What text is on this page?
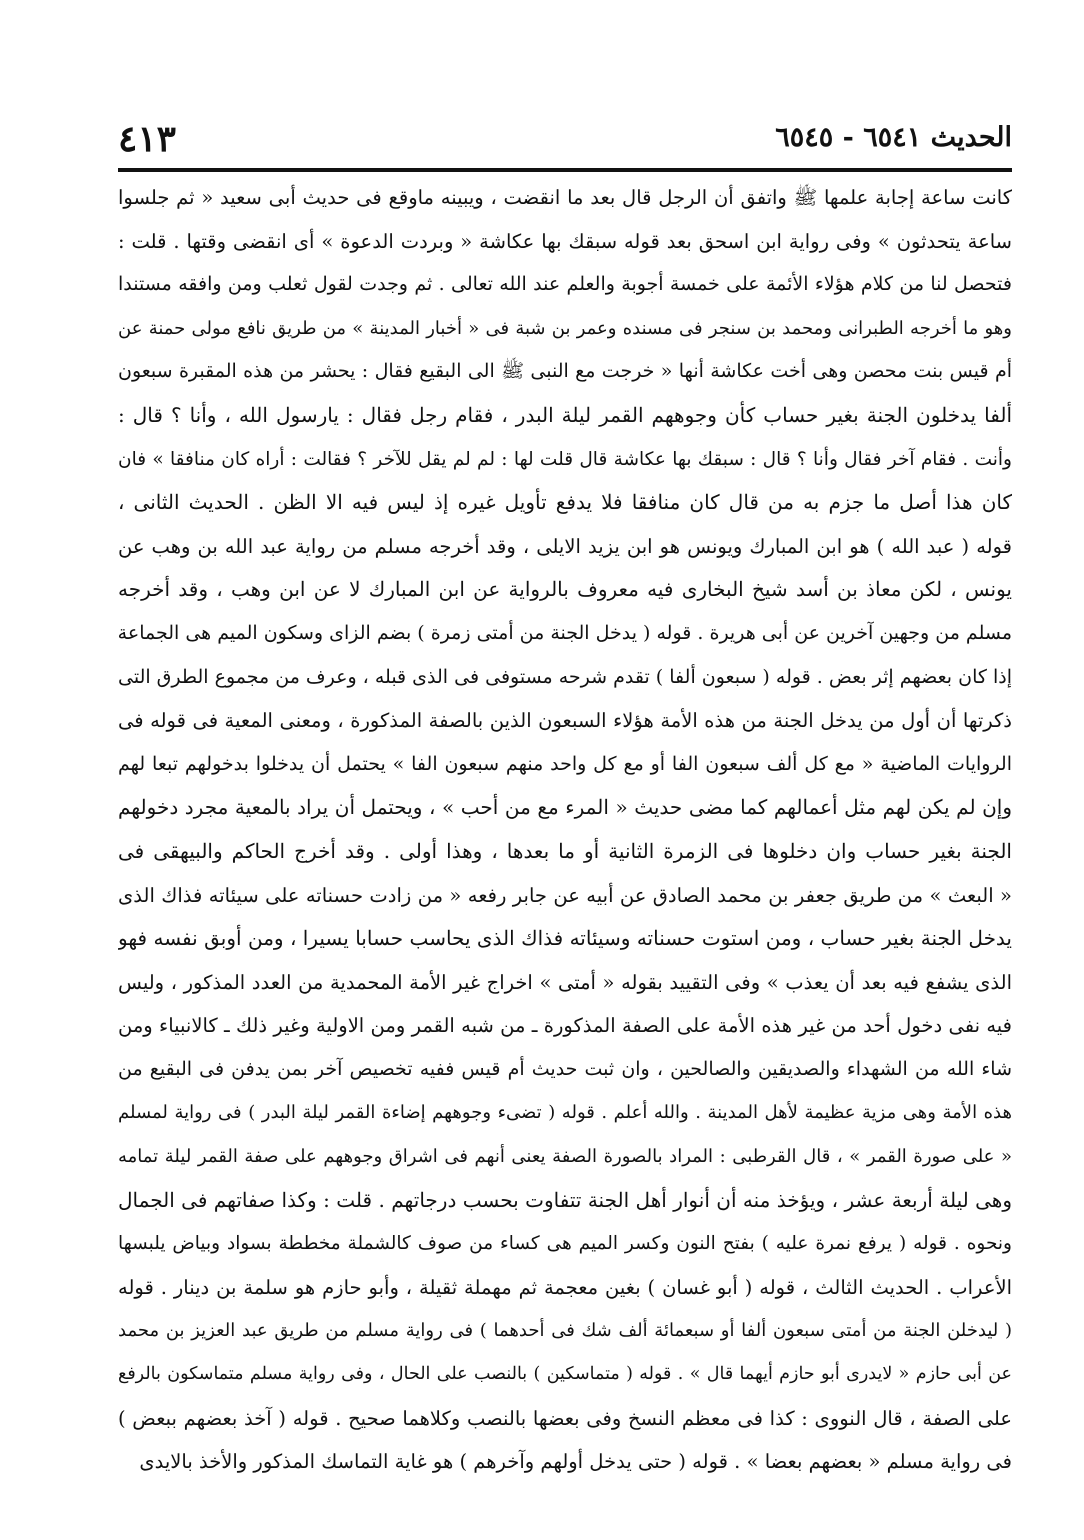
الحديث ٦٥٤١ - ٦٥٤٥
٤١٣
كانت ساعة إجابة علمها ﷺ واتفق أن الرجل قال بعد ما انقضت ، ويبينه ماوقع فى حديث أبى سعيد « ثم جلسوا
ساعة يتحدثون » وفى رواية ابن اسحق بعد قوله سبقك بها عكاشة « وبردت الدعوة » أى انقضى وقتها . قلت :
فتحصل لنا من كلام هؤلاء الأئمة على خمسة أجوبة والعلم عند الله تعالى . ثم وجدت لقول ثعلب ومن وافقه مستندا
وهو ما أخرجه الطبرانى ومحمد بن سنجر فى مسنده وعمر بن شبة فى « أخبار المدينة » من طريق نافع مولى حمنة عن
أم قيس بنت محصن وهى أخت عكاشة أنها « خرجت مع النبى ﷺ الى البقيع فقال : يحشر من هذه المقبرة سبعون
ألفا يدخلون الجنة بغير حساب كأن وجوههم القمر ليلة البدر ، فقام رجل فقال : يارسول الله ، وأنا ؟ قال :
وأنت . فقام آخر فقال وأنا ؟ قال : سبقك بها عكاشة قال قلت لها : لم لم يقل للآخر ؟ فقالت : أراه كان منافقا » فان
كان هذا أصل ما جزم به من قال كان منافقا فلا يدفع تأويل غيره إذ ليس فيه الا الظن . الحديث الثانى ،
قوله ( عبد الله ) هو ابن المبارك ويونس هو ابن يزيد الايلى ، وقد أخرجه مسلم من رواية عبد الله بن وهب عن
يونس ، لكن معاذ بن أسد شيخ البخارى فيه معروف بالرواية عن ابن المبارك لا عن ابن وهب ، وقد أخرجه
مسلم من وجهين آخرين عن أبى هريرة . قوله ( يدخل الجنة من أمتى زمرة ) بضم الزاى وسكون الميم هى الجماعة
إذا كان بعضهم إثر بعض . قوله ( سبعون ألفا ) تقدم شرحه مستوفى فى الذى قبله ، وعرف من مجموع الطرق التى
ذكرتها أن أول من يدخل الجنة من هذه الأمة هؤلاء السبعون الذين بالصفة المذكورة ، ومعنى المعية فى قوله فى
الروايات الماضية « مع كل ألف سبعون الفا أو مع كل واحد منهم سبعون الفا » يحتمل أن يدخلوا بدخولهم تبعا لهم
وإن لم يكن لهم مثل أعمالهم كما مضى حديث « المرء مع من أحب » ، ويحتمل أن يراد بالمعية مجرد دخولهم
الجنة بغير حساب وان دخلوها فى الزمرة الثانية أو ما بعدها ، وهذا أولى . وقد أخرج الحاكم والبيهقى فى
« البعث » من طريق جعفر بن محمد الصادق عن أبيه عن جابر رفعه « من زادت حسناته على سيئاته فذاك الذى
يدخل الجنة بغير حساب ، ومن استوت حسناته وسيئاته فذاك الذى يحاسب حسابا يسيرا ، ومن أوبق نفسه فهو
الذى يشفع فيه بعد أن يعذب » وفى التقييد بقوله « أمتى » اخراج غير الأمة المحمدية من العدد المذكور ، وليس
فيه نفى دخول أحد من غير هذه الأمة على الصفة المذكورة ـ من شبه القمر ومن الاولية وغير ذلك ـ كالانبياء ومن
شاء الله من الشهداء والصديقين والصالحين ، وان ثبت حديث أم قيس ففيه تخصيص آخر بمن يدفن فى البقيع من
هذه الأمة وهى مزية عظيمة لأهل المدينة . والله أعلم . قوله ( تضىء وجوههم إضاءة القمر ليلة البدر ) فى رواية لمسلم
« على صورة القمر » ، قال القرطبى : المراد بالصورة الصفة يعنى أنهم فى اشراق وجوههم على صفة القمر ليلة تمامه
وهى ليلة أربعة عشر ، ويؤخذ منه أن أنوار أهل الجنة تتفاوت بحسب درجاتهم . قلت : وكذا صفاتهم فى الجمال
ونحوه . قوله ( يرفع نمرة عليه ) بفتح النون وكسر الميم هى كساء من صوف كالشملة مخططة بسواد وبياض يلبسها
الأعراب . الحديث الثالث ، قوله ( أبو غسان ) بغين معجمة ثم مهملة ثقيلة ، وأبو حازم هو سلمة بن دينار . قوله
( ليدخلن الجنة من أمتى سبعون ألفا أو سبعمائة ألف شك فى أحدهما ) فى رواية مسلم من طريق عبد العزيز بن محمد
عن أبى حازم « لايدرى أبو حازم أيهما قال » . قوله ( متماسكين ) بالنصب على الحال ، وفى رواية مسلم متماسكون بالرفع
على الصفة ، قال النووى : كذا فى معظم النسخ وفى بعضها بالنصب وكلاهما صحيح . قوله ( آخذ بعضهم ببعض )
فى رواية مسلم « بعضهم بعضا » . قوله ( حتى يدخل أولهم وآخرهم ) هو غاية التماسك المذكور والأخذ بالايدى
